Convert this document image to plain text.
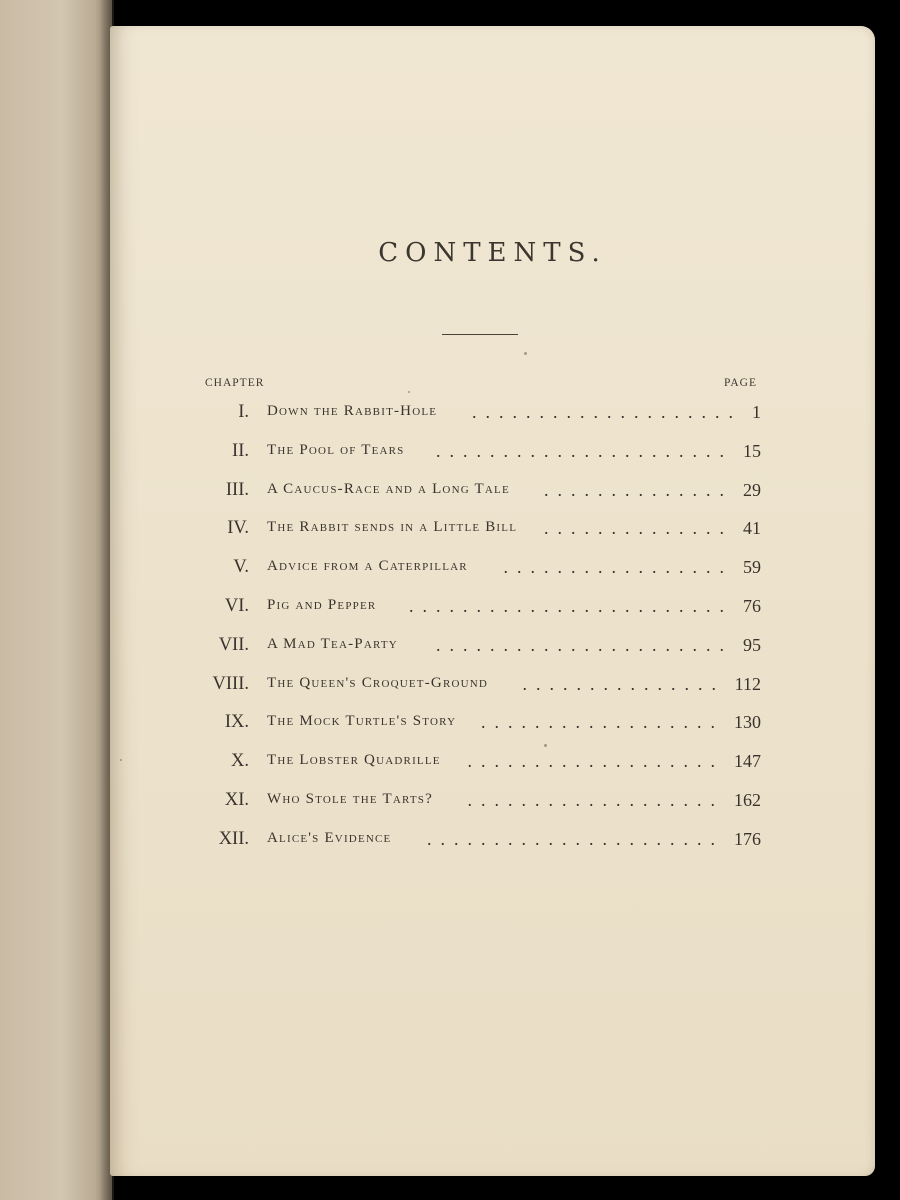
CONTENTS.
CHAPTER	PAGE
I. Down the Rabbit-Hole	.................... 1
II. The Pool of Tears	...................... 15
III. A Caucus-Race and a Long Tale	.............. 29
IV. The Rabbit sends in a Little Bill	.............. 41
V. Advice from a Caterpillar	................. 59
VI. Pig and Pepper	........................ 76
VII. A Mad Tea-Party	...................... 95
VIII. The Queen's Croquet-Ground	............... 112
IX. The Mock Turtle's Story	.................. 130
X. The Lobster Quadrille	................... 147
XI. Who Stole the Tarts?	................... 162
XII. Alice's Evidence	...................... 176
